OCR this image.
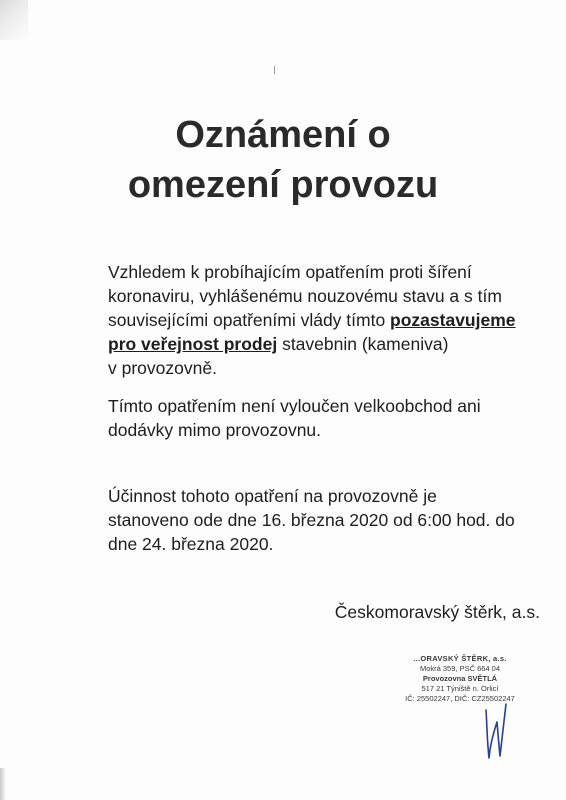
Oznámení o
omezení provozu

Vzhledem k probíhajícím opatřením proti šíření
koronaviru, vyhlášenému nouzovému stavu a s tím
souvisejícími opatřeními vlády tímto pozastavujeme
pro veřejnost prodej stavebnin (kameniva)
v provozovně.

Tímto opatřením není vyloučen velkoobchod ani
dodávky mimo provozovnu.

Účinnost tohoto opatření na provozovně je
stanoveno ode dne 16. března 2020 od 6:00 hod. do
dne 24. března 2020.

Českomoravský štěrk, a.s.

...ORAVSKÝ ŠTĚRK, a.s.
Mokrá 359, PSČ 664 04
Provozovna SVĚTLÁ
517 21 Týniště n. Orlicí
IČ: 25502247, DIČ: CZ25502247
